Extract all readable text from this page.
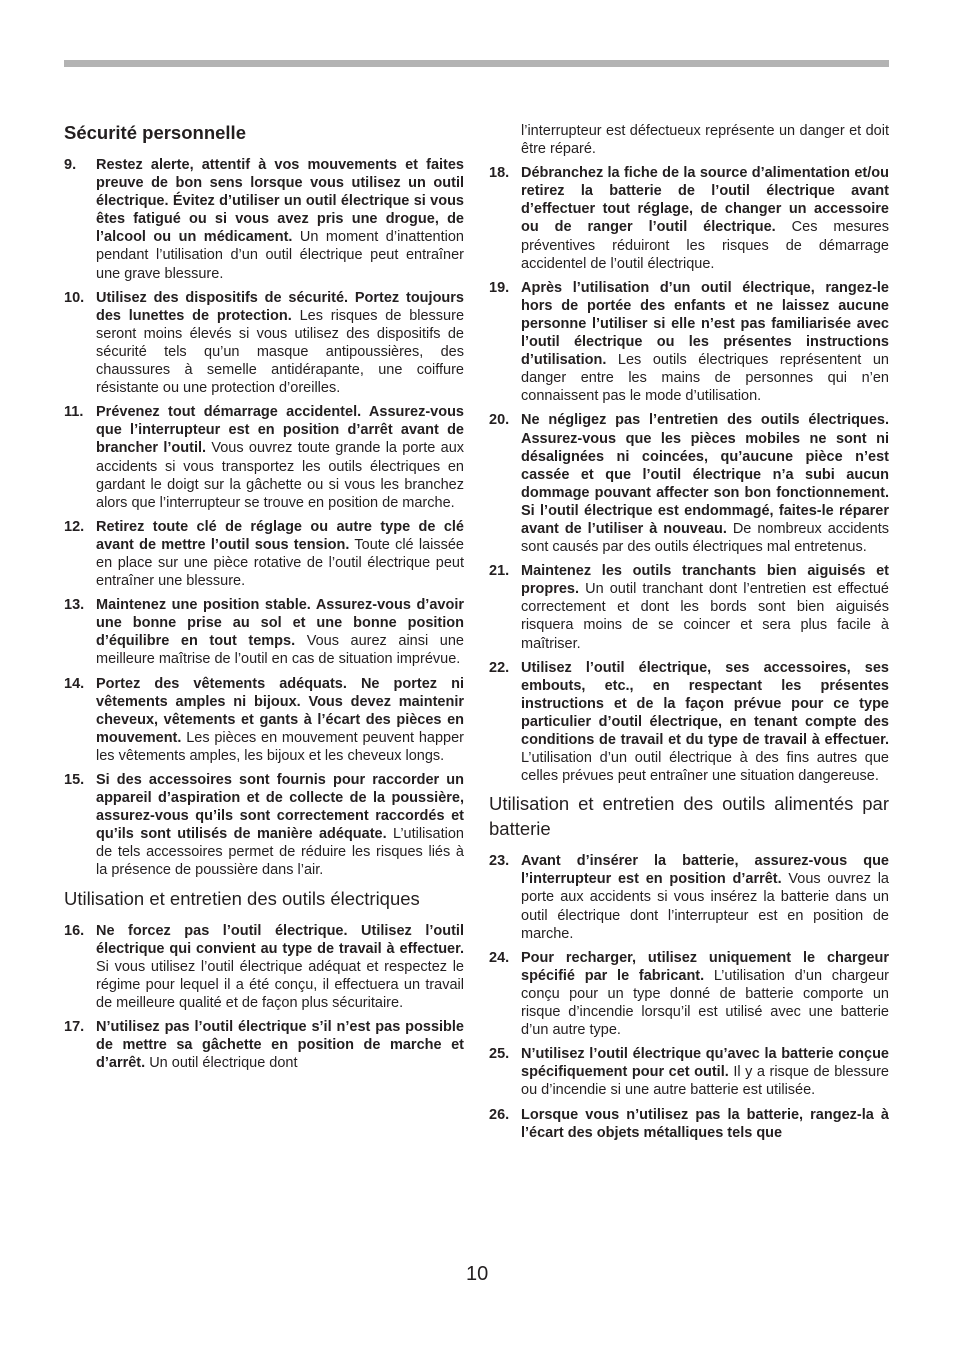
Sécurité personnelle
9. Restez alerte, attentif à vos mouvements et faites preuve de bon sens lorsque vous utilisez un outil électrique. Évitez d’utiliser un outil électrique si vous êtes fatigué ou si vous avez pris une drogue, de l’alcool ou un médicament. Un moment d’inattention pendant l’utilisation d’un outil électrique peut entraîner une grave blessure.
10. Utilisez des dispositifs de sécurité. Portez toujours des lunettes de protection. Les risques de blessure seront moins élevés si vous utilisez des dispositifs de sécurité tels qu’un masque antipoussières, des chaussures à semelle antidérapante, une coiffure résistante ou une protection d’oreilles.
11. Prévenez tout démarrage accidentel. Assurez-vous que l’interrupteur est en position d’arrêt avant de brancher l’outil. Vous ouvrez toute grande la porte aux accidents si vous transportez les outils électriques en gardant le doigt sur la gâchette ou si vous les branchez alors que l’interrupteur se trouve en position de marche.
12. Retirez toute clé de réglage ou autre type de clé avant de mettre l’outil sous tension. Toute clé laissée en place sur une pièce rotative de l’outil électrique peut entraîner une blessure.
13. Maintenez une position stable. Assurez-vous d’avoir une bonne prise au sol et une bonne position d’équilibre en tout temps. Vous aurez ainsi une meilleure maîtrise de l’outil en cas de situation imprévue.
14. Portez des vêtements adéquats. Ne portez ni vêtements amples ni bijoux. Vous devez maintenir cheveux, vêtements et gants à l’écart des pièces en mouvement. Les pièces en mouvement peuvent happer les vêtements amples, les bijoux et les cheveux longs.
15. Si des accessoires sont fournis pour raccorder un appareil d’aspiration et de collecte de la poussière, assurez-vous qu’ils sont correctement raccordés et qu’ils sont utilisés de manière adéquate. L’utilisation de tels accessoires permet de réduire les risques liés à la présence de poussière dans l’air.
Utilisation et entretien des outils électriques
16. Ne forcez pas l’outil électrique. Utilisez l’outil électrique qui convient au type de travail à effectuer. Si vous utilisez l’outil électrique adéquat et respectez le régime pour lequel il a été conçu, il effectuera un travail de meilleure qualité et de façon plus sécuritaire.
17. N’utilisez pas l’outil électrique s’il n’est pas possible de mettre sa gâchette en position de marche et d’arrêt. Un outil électrique dont
l’interrupteur est défectueux représente un danger et doit être réparé.
18. Débranchez la fiche de la source d’alimentation et/ou retirez la batterie de l’outil électrique avant d’effectuer tout réglage, de changer un accessoire ou de ranger l’outil électrique. Ces mesures préventives réduiront les risques de démarrage accidentel de l’outil électrique.
19. Après l’utilisation d’un outil électrique, rangez-le hors de portée des enfants et ne laissez aucune personne l’utiliser si elle n’est pas familiarisée avec l’outil électrique ou les présentes instructions d’utilisation. Les outils électriques représentent un danger entre les mains de personnes qui n’en connaissent pas le mode d’utilisation.
20. Ne négligez pas l’entretien des outils électriques. Assurez-vous que les pièces mobiles ne sont ni désalignées ni coincées, qu’aucune pièce n’est cassée et que l’outil électrique n’a subi aucun dommage pouvant affecter son bon fonctionnement. Si l’outil électrique est endommagé, faites-le réparer avant de l’utiliser à nouveau. De nombreux accidents sont causés par des outils électriques mal entretenus.
21. Maintenez les outils tranchants bien aiguisés et propres. Un outil tranchant dont l’entretien est effectué correctement et dont les bords sont bien aiguisés risquera moins de se coincer et sera plus facile à maîtriser.
22. Utilisez l’outil électrique, ses accessoires, ses embouts, etc., en respectant les présentes instructions et de la façon prévue pour ce type particulier d’outil électrique, en tenant compte des conditions de travail et du type de travail à effectuer. L’utilisation d’un outil électrique à des fins autres que celles prévues peut entraîner une situation dangereuse.
Utilisation et entretien des outils alimentés par batterie
23. Avant d’insérer la batterie, assurez-vous que l’interrupteur est en position d’arrêt. Vous ouvrez la porte aux accidents si vous insérez la batterie dans un outil électrique dont l’interrupteur est en position de marche.
24. Pour recharger, utilisez uniquement le chargeur spécifié par le fabricant. L’utilisation d’un chargeur conçu pour un type donné de batterie comporte un risque d’incendie lorsqu’il est utilisé avec une batterie d’un autre type.
25. N’utilisez l’outil électrique qu’avec la batterie conçue spécifiquement pour cet outil. Il y a risque de blessure ou d’incendie si une autre batterie est utilisée.
26. Lorsque vous n’utilisez pas la batterie, rangez-la à l’écart des objets métalliques tels que
10
